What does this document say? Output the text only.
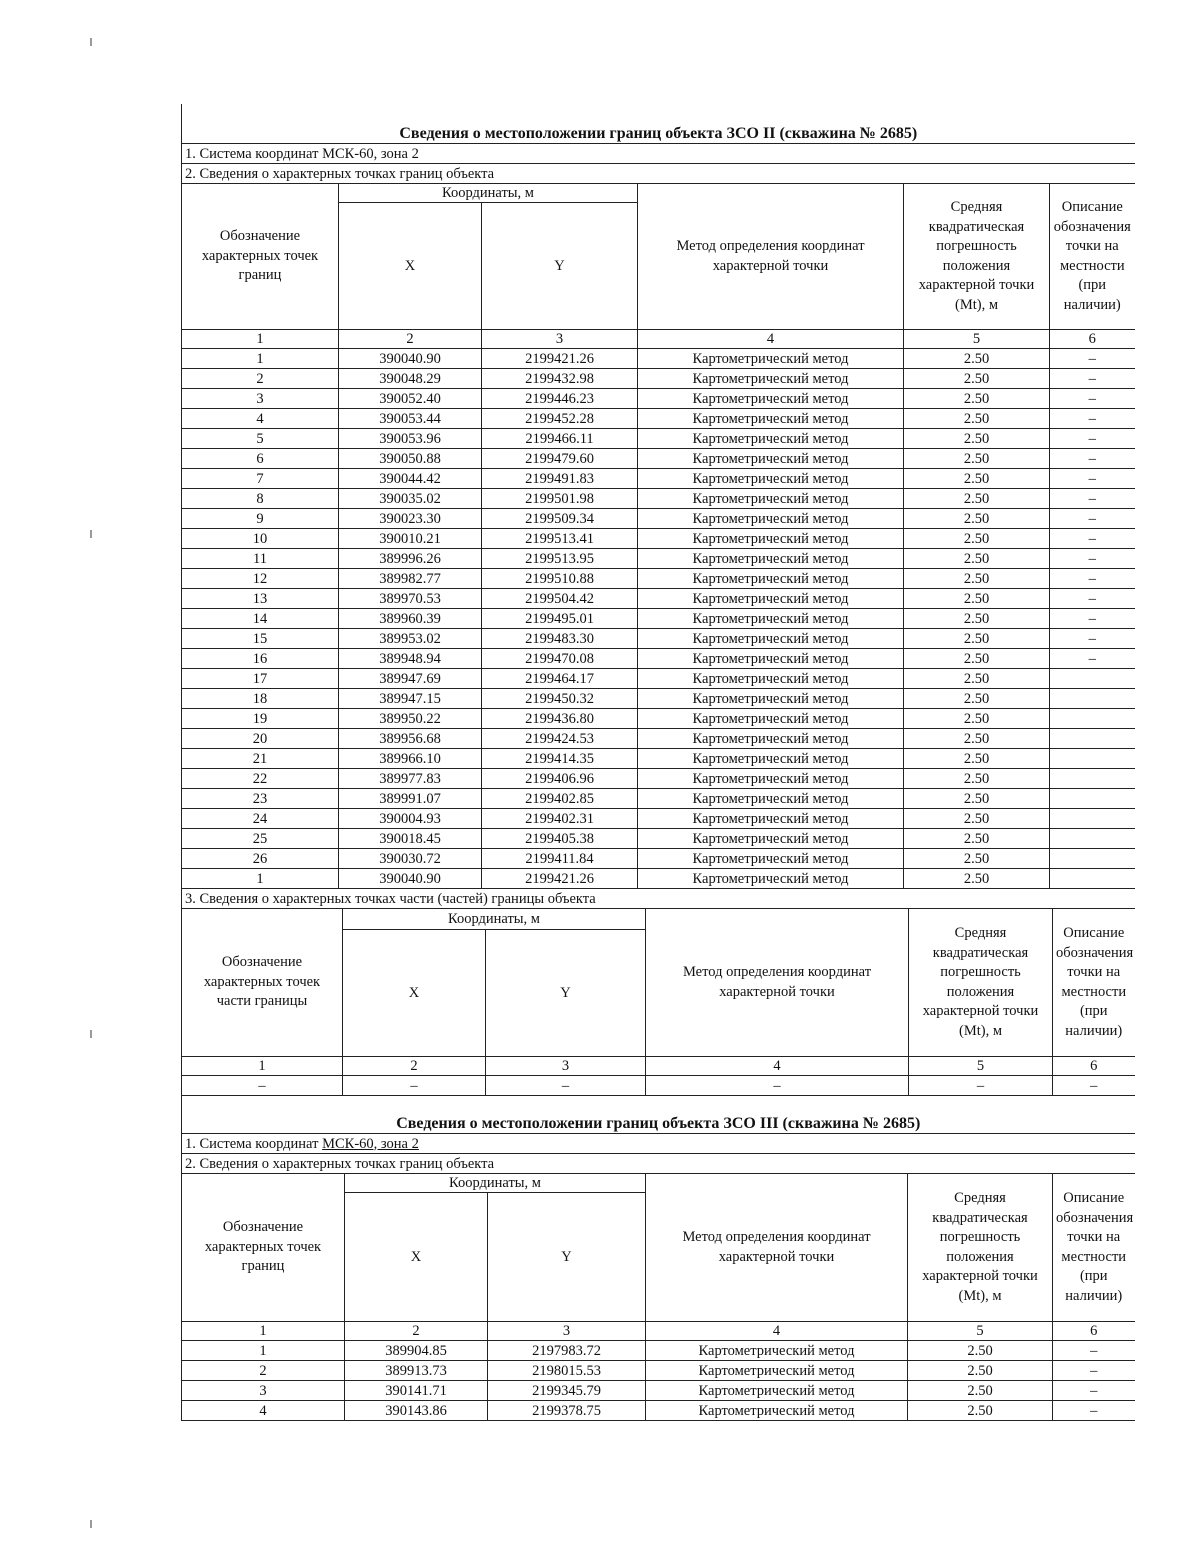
Сведения о местоположении границ объекта ЗСО II (скважина № 2685)					
1. Система координат МСК-60, зона 2					
2. Сведения о характерных точках границ объекта					
Обозначение характерных точек границ	Координаты, м		Метод определения координат характерной точки	Средняя квадратическая погрешность положения характерной точки (Mt), м	Описание обозначения точки на местности (при наличии)
	X	Y			
1	2	3	4	5	6
1	390040.90	2199421.26	Картометрический метод	2.50	–
2	390048.29	2199432.98	Картометрический метод	2.50	–
3	390052.40	2199446.23	Картометрический метод	2.50	–
4	390053.44	2199452.28	Картометрический метод	2.50	–
5	390053.96	2199466.11	Картометрический метод	2.50	–
6	390050.88	2199479.60	Картометрический метод	2.50	–
7	390044.42	2199491.83	Картометрический метод	2.50	–
8	390035.02	2199501.98	Картометрический метод	2.50	–
9	390023.30	2199509.34	Картометрический метод	2.50	–
10	390010.21	2199513.41	Картометрический метод	2.50	–
11	389996.26	2199513.95	Картометрический метод	2.50	–
12	389982.77	2199510.88	Картометрический метод	2.50	–
13	389970.53	2199504.42	Картометрический метод	2.50	–
14	389960.39	2199495.01	Картометрический метод	2.50	–
15	389953.02	2199483.30	Картометрический метод	2.50	–
16	389948.94	2199470.08	Картометрический метод	2.50	–
17	389947.69	2199464.17	Картометрический метод	2.50	
18	389947.15	2199450.32	Картометрический метод	2.50	
19	389950.22	2199436.80	Картометрический метод	2.50	
20	389956.68	2199424.53	Картометрический метод	2.50	
21	389966.10	2199414.35	Картометрический метод	2.50	
22	389977.83	2199406.96	Картометрический метод	2.50	
23	389991.07	2199402.85	Картометрический метод	2.50	
24	390004.93	2199402.31	Картометрический метод	2.50	
25	390018.45	2199405.38	Картометрический метод	2.50	
26	390030.72	2199411.84	Картометрический метод	2.50	
1	390040.90	2199421.26	Картометрический метод	2.50	
3. Сведения о характерных точках части (частей) границы объекта					
Обозначение характерных точек части границы	Координаты, м		Метод определения координат характерной точки	Средняя квадратическая погрешность положения характерной точки (Mt), м	Описание обозначения точки на местности (при наличии)
	X	Y			
1	2	3	4	5	6
–	–	–	–	–	–
Сведения о местоположении границ объекта ЗСО III (скважина № 2685)					
1. Система координат МСК-60, зона 2					
2. Сведения о характерных точках границ объекта					
Обозначение характерных точек границ	Координаты, м		Метод определения координат характерной точки	Средняя квадратическая погрешность положения характерной точки (Mt), м	Описание обозначения точки на местности (при наличии)
	X	Y			
1	2	3	4	5	6
1	389904.85	2197983.72	Картометрический метод	2.50	–
2	389913.73	2198015.53	Картометрический метод	2.50	–
3	390141.71	2199345.79	Картометрический метод	2.50	–
4	390143.86	2199378.75	Картометрический метод	2.50	–
